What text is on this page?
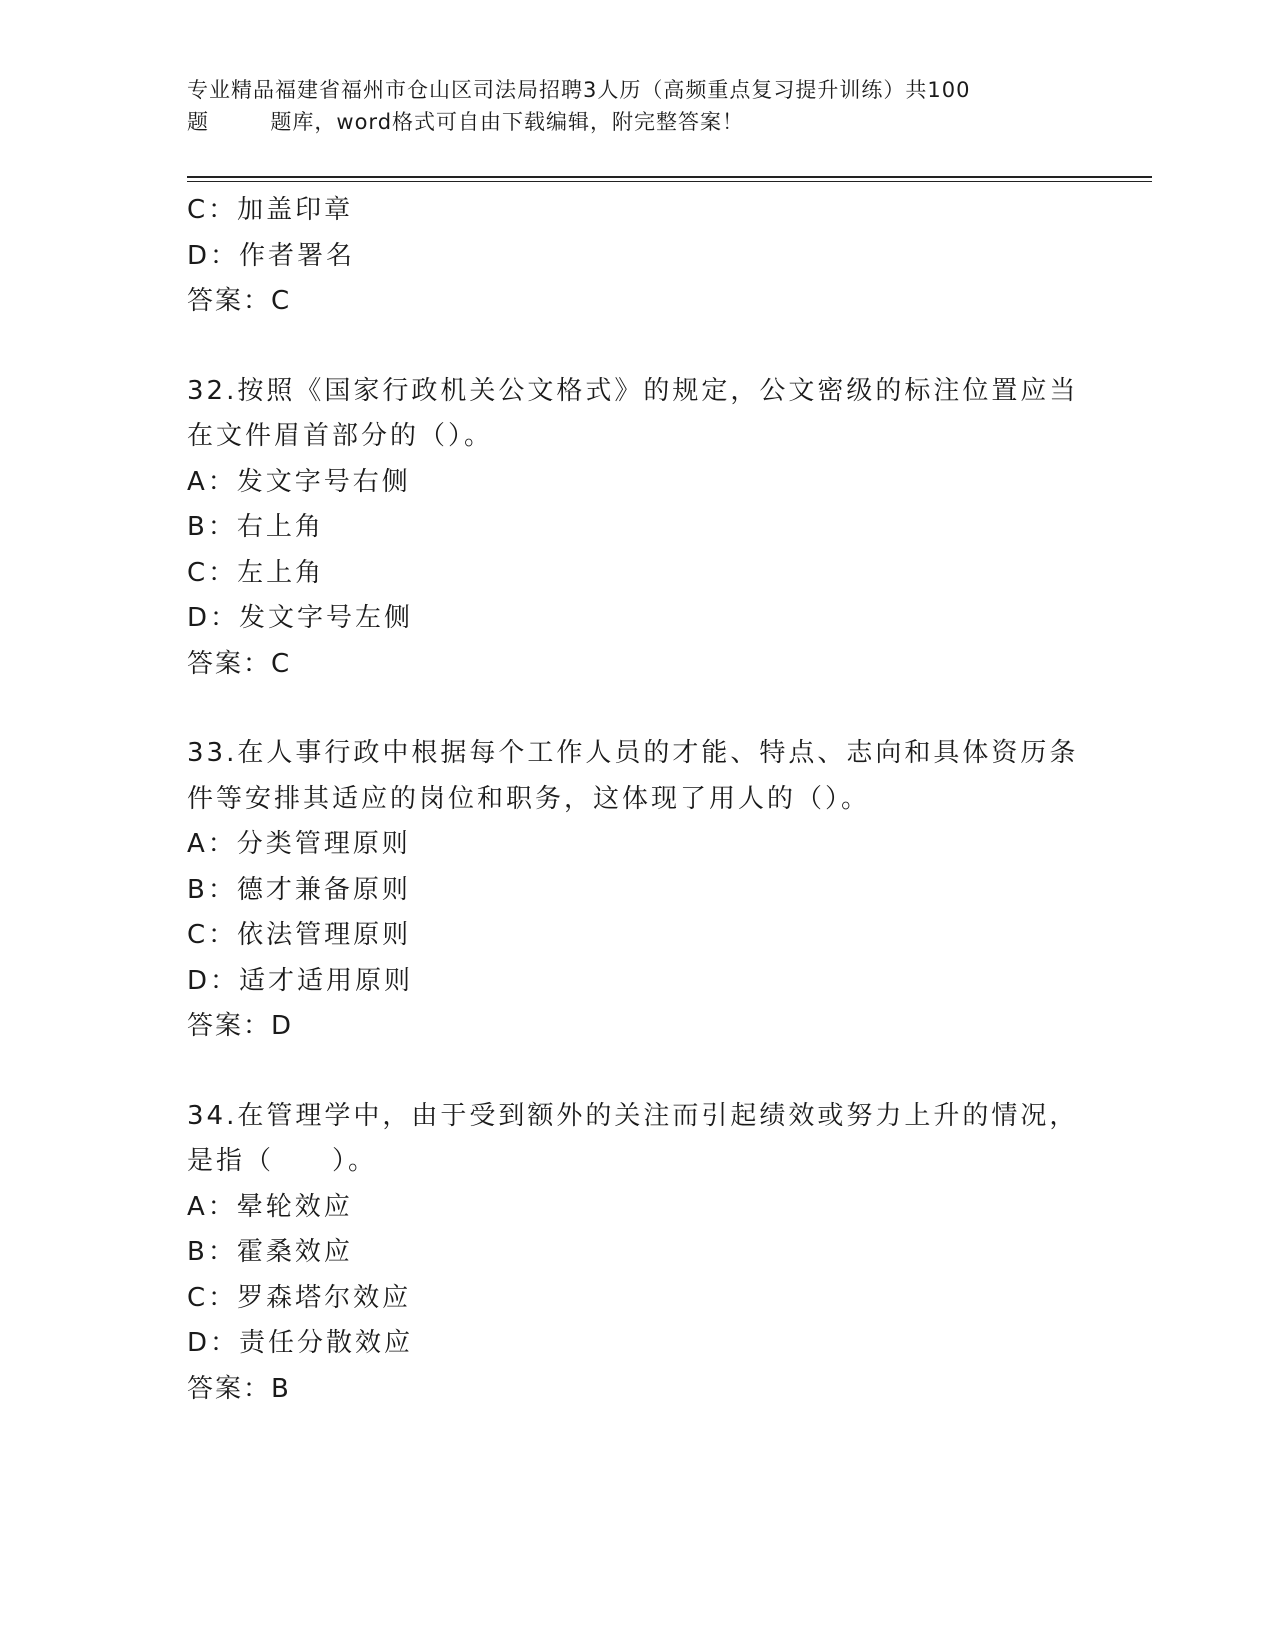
专业精品福建省福州市仓山区司法局招聘3人历（高频重点复习提升训练）共100
题        题库，word格式可自由下载编辑，附完整答案！
C：加盖印章
D：作者署名
答案：C
32.按照《国家行政机关公文格式》的规定，公文密级的标注位置应当
在文件眉首部分的（）。
A：发文字号右侧
B：右上角
C：左上角
D：发文字号左侧
答案：C
33.在人事行政中根据每个工作人员的才能、特点、志向和具体资历条
件等安排其适应的岗位和职务，这体现了用人的（）。
A：分类管理原则
B：德才兼备原则
C：依法管理原则
D：适才适用原则
答案：D
34.在管理学中，由于受到额外的关注而引起绩效或努力上升的情况，
是指（　　）。
A：晕轮效应
B：霍桑效应
C：罗森塔尔效应
D：责任分散效应
答案：B
